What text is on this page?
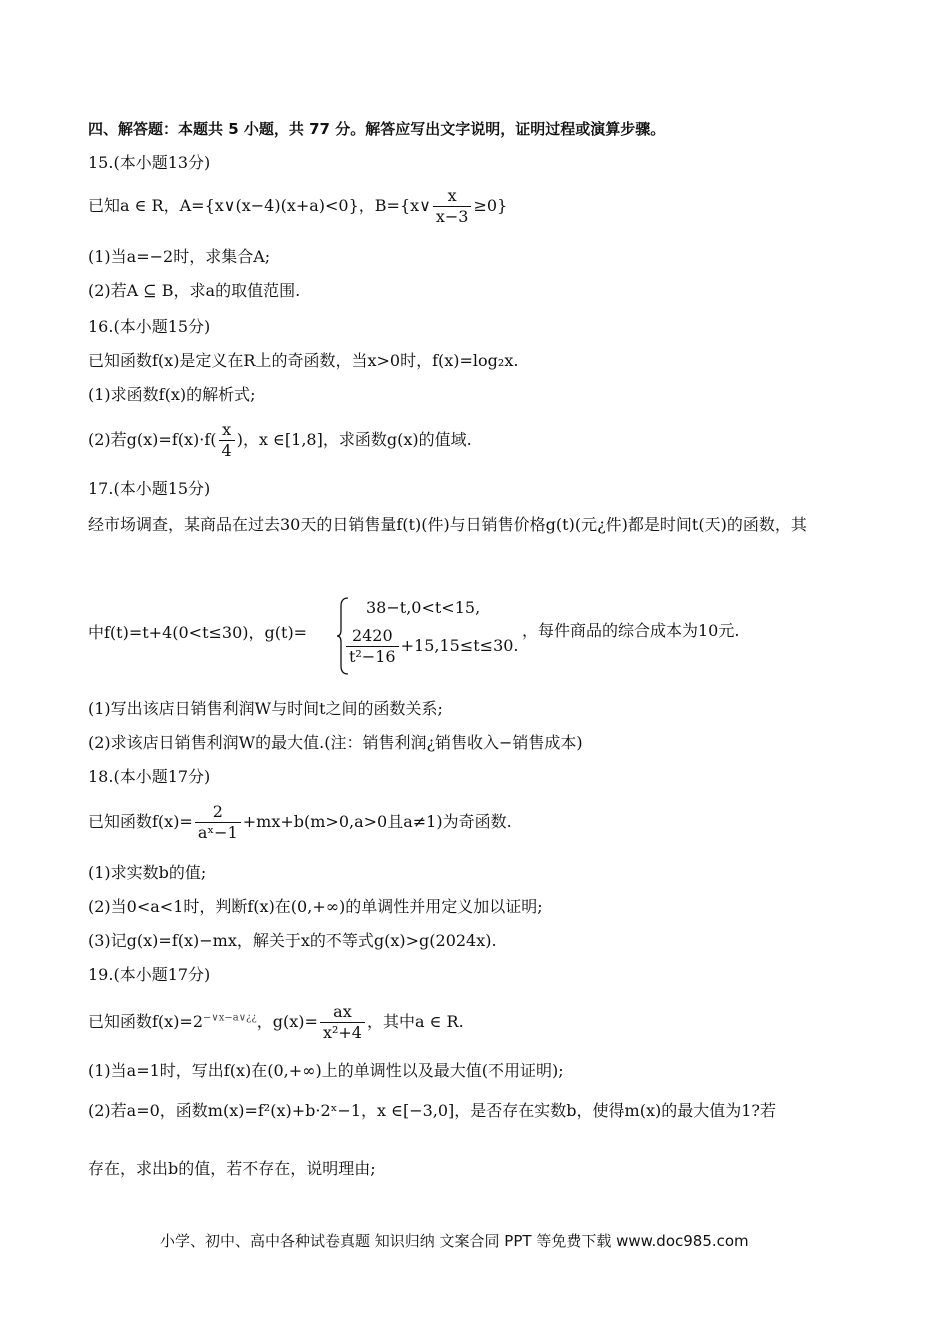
四、解答题：本题共 5 小题，共 77 分。解答应写出文字说明，证明过程或演算步骤。
15.(本小题13分)
已知a ∈ R，A={x∨(x−4)(x+a)<0}，B={x∨ $\frac{x}{x-3} \ge 0$}
(1)当a=−2时，求集合A;
(2)若A ⊆ B，求a的取值范围.
16.(本小题15分)
已知函数f(x)是定义在R上的奇函数，当x>0时，f(x)=log₂x.
(1)求函数f(x)的解析式;
(2)若$g(x)=f(x)\cdot f( \frac{x}{4}$ )，x ∈[1,8]，求函数g(x)的值域.
17.(本小题15分)
经市场调查，某商品在过去30天的日销售量f(t)(件)与日销售价格g(t)(元¿件)都是时间t(天)的函数，其
中f(t)=t+4(0<t≤30)，g(t)=
38−t,0<t<15,
$\frac{2420}{\text{t²−16}} +15,15\le t\le 30$.
，每件商品的综合成本为10元.
(1)写出该店日销售利润W与时间t之间的函数关系;
(2)求该店日销售利润W的最大值.(注：销售利润¿销售收入−销售成本)
18.(本小题17分)
已知函数$f(x)= \frac{2}{\text{aˣ−1}} +mx+b(m>0,a>0$且a≠1)为奇函数.
(1)求实数b的值;
(2)当0<a<1时，判断f(x)在(0,+∞)的单调性并用定义加以证明;
(3)记g(x)=f(x)−mx，解关于x的不等式g(x)>g(2024x).
19.(本小题17分)
已知函数$f(x)=2^{-\vee x-a\vee¿¿}$，$g(x)= \frac{ax}{\text{x²+4}}$ ，其中a ∈ R.
(1)当a=1时，写出f(x)在(0,+∞)上的单调性以及最大值(不用证明);
(2)若a=0，函数m(x)=f²(x)+b·2ˣ−1，x ∈[−3,0]，是否存在实数b，使得m(x)的最大值为1?若
存在，求出b的值，若不存在，说明理由;
小学、初中、高中各种试卷真题 知识归纳 文案合同 PPT 等免费下载 www.doc985.com
